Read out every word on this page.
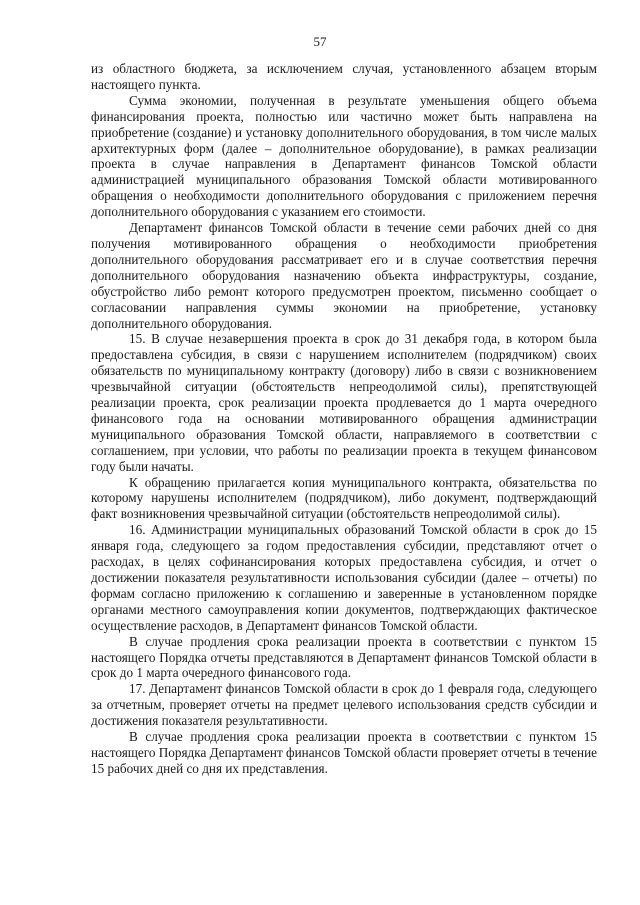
57

из областного бюджета, за исключением случая, установленного абзацем вторым настоящего пункта.

Сумма экономии, полученная в результате уменьшения общего объема финансирования проекта, полностью или частично может быть направлена на приобретение (создание) и установку дополнительного оборудования, в том числе малых архитектурных форм (далее – дополнительное оборудование), в рамках реализации проекта в случае направления в Департамент финансов Томской области администрацией муниципального образования Томской области мотивированного обращения о необходимости дополнительного оборудования с приложением перечня дополнительного оборудования с указанием его стоимости.

Департамент финансов Томской области в течение семи рабочих дней со дня получения мотивированного обращения о необходимости приобретения дополнительного оборудования рассматривает его и в случае соответствия перечня дополнительного оборудования назначению объекта инфраструктуры, создание, обустройство либо ремонт которого предусмотрен проектом, письменно сообщает о согласовании направления суммы экономии на приобретение, установку дополнительного оборудования.

15. В случае незавершения проекта в срок до 31 декабря года, в котором была предоставлена субсидия, в связи с нарушением исполнителем (подрядчиком) своих обязательств по муниципальному контракту (договору) либо в связи с возникновением чрезвычайной ситуации (обстоятельств непреодолимой силы), препятствующей реализации проекта, срок реализации проекта продлевается до 1 марта очередного финансового года на основании мотивированного обращения администрации муниципального образования Томской области, направляемого в соответствии с соглашением, при условии, что работы по реализации проекта в текущем финансовом году были начаты.

К обращению прилагается копия муниципального контракта, обязательства по которому нарушены исполнителем (подрядчиком), либо документ, подтверждающий факт возникновения чрезвычайной ситуации (обстоятельств непреодолимой силы).

16. Администрации муниципальных образований Томской области в срок до 15 января года, следующего за годом предоставления субсидии, представляют отчет о расходах, в целях софинансирования которых предоставлена субсидия, и отчет о достижении показателя результативности использования субсидии (далее – отчеты) по формам согласно приложению к соглашению и заверенные в установленном порядке органами местного самоуправления копии документов, подтверждающих фактическое осуществление расходов, в Департамент финансов Томской области.

В случае продления срока реализации проекта в соответствии с пунктом 15 настоящего Порядка отчеты представляются в Департамент финансов Томской области в срок до 1 марта очередного финансового года.

17. Департамент финансов Томской области в срок до 1 февраля года, следующего за отчетным, проверяет отчеты на предмет целевого использования средств субсидии и достижения показателя результативности.

В случае продления срока реализации проекта в соответствии с пунктом 15 настоящего Порядка Департамент финансов Томской области проверяет отчеты в течение 15 рабочих дней со дня их представления.
